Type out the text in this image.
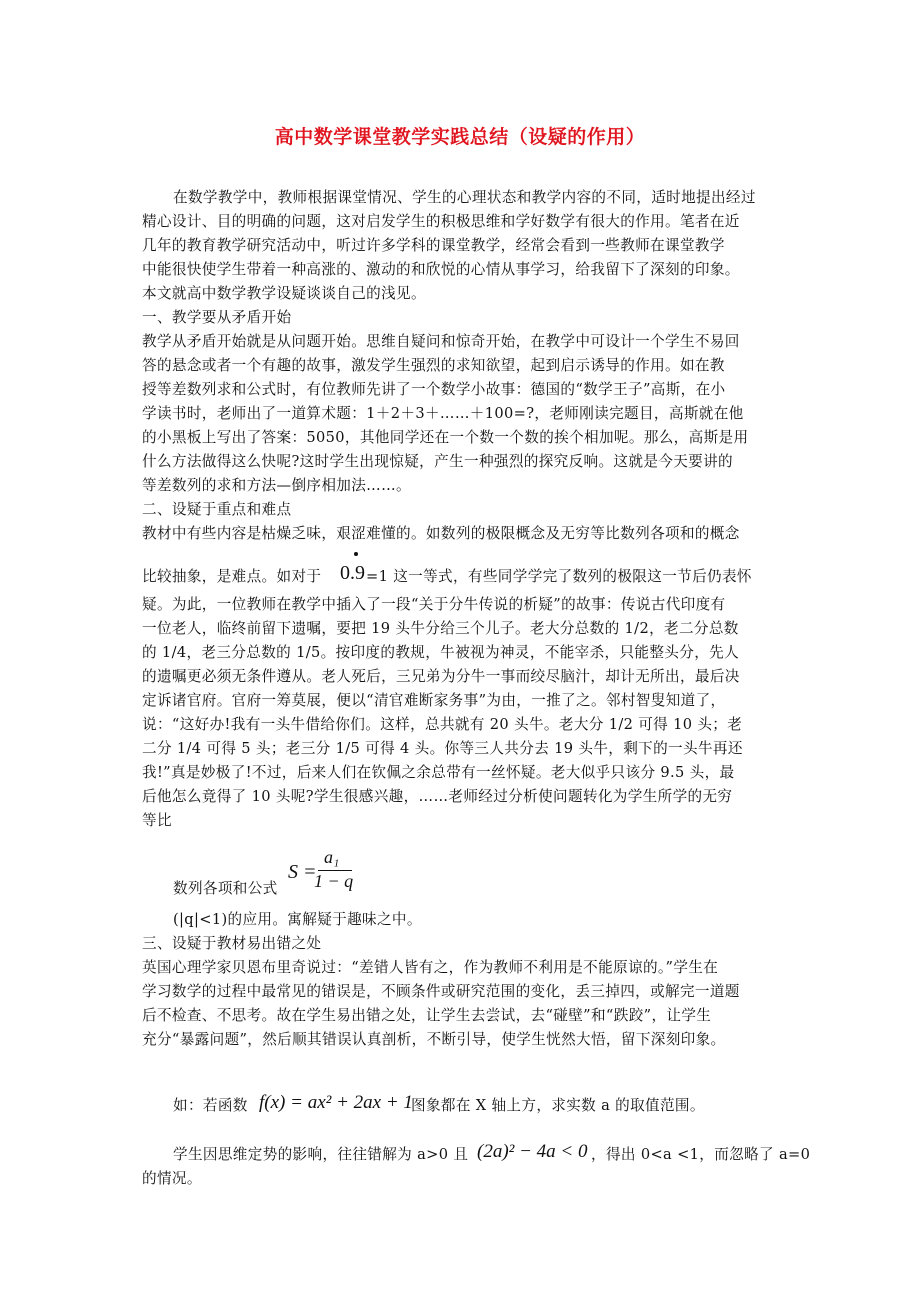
高中数学课堂教学实践总结（设疑的作用）
在数学教学中，教师根据课堂情况、学生的心理状态和教学内容的不同，适时地提出经过
精心设计、目的明确的问题，这对启发学生的积极思维和学好数学有很大的作用。笔者在近
几年的教育教学研究活动中，听过许多学科的课堂教学，经常会看到一些教师在课堂教学
中能很快使学生带着一种高涨的、激动的和欣悦的心情从事学习，给我留下了深刻的印象。
本文就高中数学教学设疑谈谈自己的浅见。
一、教学要从矛盾开始
教学从矛盾开始就是从问题开始。思维自疑问和惊奇开始，在教学中可设计一个学生不易回
答的悬念或者一个有趣的故事，激发学生强烈的求知欲望，起到启示诱导的作用。如在教
授等差数列求和公式时，有位教师先讲了一个数学小故事：德国的“数学王子”高斯，在小
学读书时，老师出了一道算术题：1＋2＋3＋……＋100=?，老师刚读完题目，高斯就在他
的小黑板上写出了答案：5050，其他同学还在一个数一个数的挨个相加呢。那么，高斯是用
什么方法做得这么快呢?这时学生出现惊疑，产生一种强烈的探究反响。这就是今天要讲的
等差数列的求和方法—倒序相加法……。
二、设疑于重点和难点
教材中有些内容是枯燥乏味，艰涩难懂的。如数列的极限概念及无穷等比数列各项和的概念
比较抽象，是难点。如对于 0.9 =1 这一等式，有些同学学完了数列的极限这一节后仍表怀
疑。为此，一位教师在教学中插入了一段“关于分牛传说的析疑”的故事：传说古代印度有
一位老人，临终前留下遗嘱，要把 19 头牛分给三个儿子。老大分总数的 1/2，老二分总数
的 1/4，老三分总数的 1/5。按印度的教规，牛被视为神灵，不能宰杀，只能整头分，先人
的遗嘱更必须无条件遵从。老人死后，三兄弟为分牛一事而绞尽脑汁，却计无所出，最后决
定诉诸官府。官府一筹莫展，便以“清官难断家务事”为由，一推了之。邻村智叟知道了，
说：“这好办!我有一头牛借给你们。这样，总共就有 20 头牛。老大分 1/2 可得 10 头；老
二分 1/4 可得 5 头；老三分 1/5 可得 4 头。你等三人共分去 19 头牛，剩下的一头牛再还
我!”真是妙极了!不过，后来人们在钦佩之余总带有一丝怀疑。老大似乎只该分 9.5 头，最
后他怎么竟得了 10 头呢?学生很感兴趣，……老师经过分析使问题转化为学生所学的无穷
等比
S =
a₁
1 − q
数列各项和公式
(|q|<1)的应用。寓解疑于趣味之中。
三、设疑于教材易出错之处
英国心理学家贝恩布里奇说过：“差错人皆有之，作为教师不利用是不能原谅的。”学生在
学习数学的过程中最常见的错误是，不顾条件或研究范围的变化，丢三掉四，或解完一道题
后不检查、不思考。故在学生易出错之处，让学生去尝试，去“碰壁”和“跌跤”，让学生
充分“暴露问题”，然后顺其错误认真剖析，不断引导，使学生恍然大悟，留下深刻印象。
如：若函数 f(x) = ax² + 2ax + 1
图象都在 X 轴上方，求实数 a 的取值范围。
学生因思维定势的影响，往往错解为 a>0 且 (2a)² − 4a < 0 ，得出 0<a <1，而忽略了 a=0
的情况。
